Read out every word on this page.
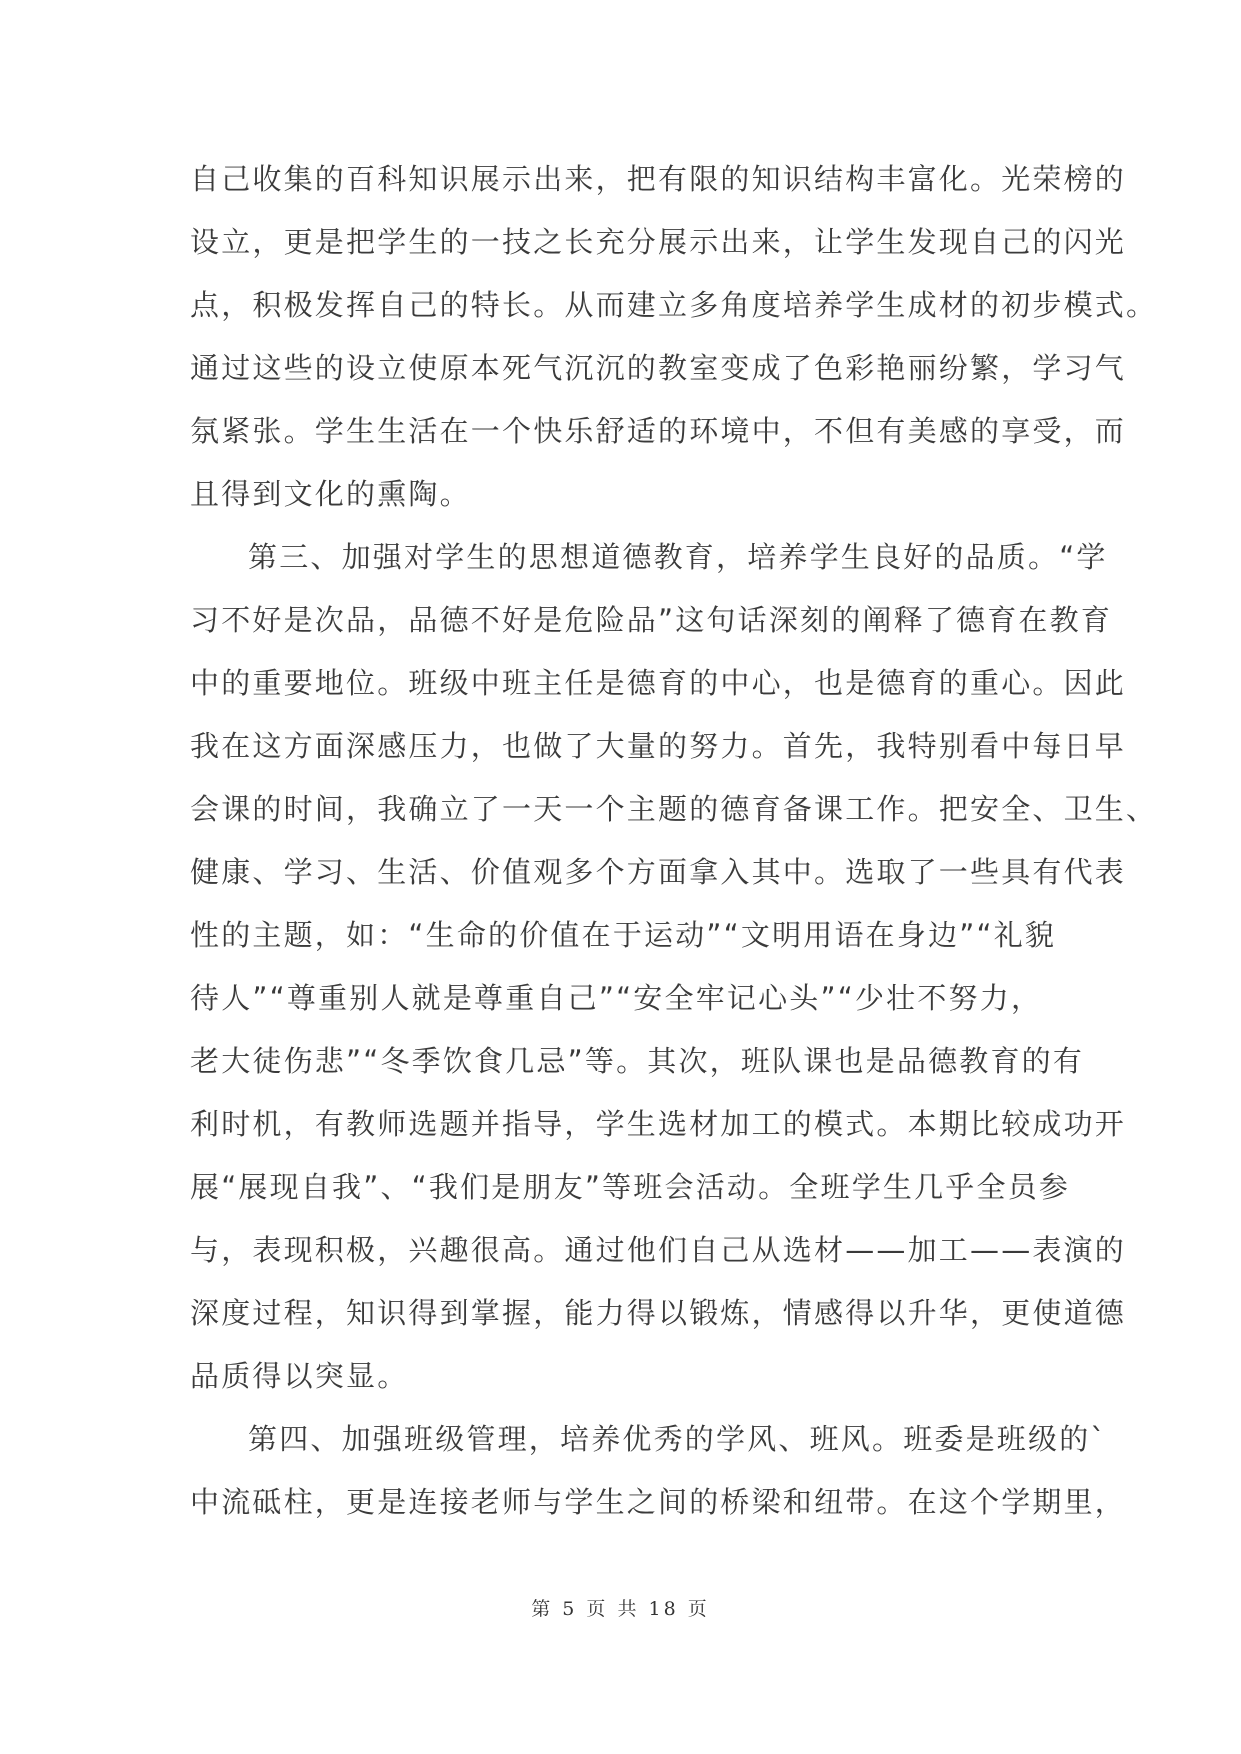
自己收集的百科知识展示出来，把有限的知识结构丰富化。光荣榜的
设立，更是把学生的一技之长充分展示出来，让学生发现自己的闪光
点，积极发挥自己的特长。从而建立多角度培养学生成材的初步模式。
通过这些的设立使原本死气沉沉的教室变成了色彩艳丽纷繁，学习气
氛紧张。学生生活在一个快乐舒适的环境中，不但有美感的享受，而
且得到文化的熏陶。
第三、加强对学生的思想道德教育，培养学生良好的品质。“学
习不好是次品，品德不好是危险品”这句话深刻的阐释了德育在教育
中的重要地位。班级中班主任是德育的中心，也是德育的重心。因此
我在这方面深感压力，也做了大量的努力。首先，我特别看中每日早
会课的时间，我确立了一天一个主题的德育备课工作。把安全、卫生、
健康、学习、生活、价值观多个方面拿入其中。选取了一些具有代表
性的主题，如：“生命的价值在于运动”“文明用语在身边”“礼貌
待人”“尊重别人就是尊重自己”“安全牢记心头”“少壮不努力，
老大徒伤悲”“冬季饮食几忌”等。其次，班队课也是品德教育的有
利时机，有教师选题并指导，学生选材加工的模式。本期比较成功开
展“展现自我”、“我们是朋友”等班会活动。全班学生几乎全员参
与，表现积极，兴趣很高。通过他们自己从选材——加工——表演的
深度过程，知识得到掌握，能力得以锻炼，情感得以升华，更使道德
品质得以突显。
第四、加强班级管理，培养优秀的学风、班风。班委是班级的`
中流砥柱，更是连接老师与学生之间的桥梁和纽带。在这个学期里，
第 5 页 共 18 页
